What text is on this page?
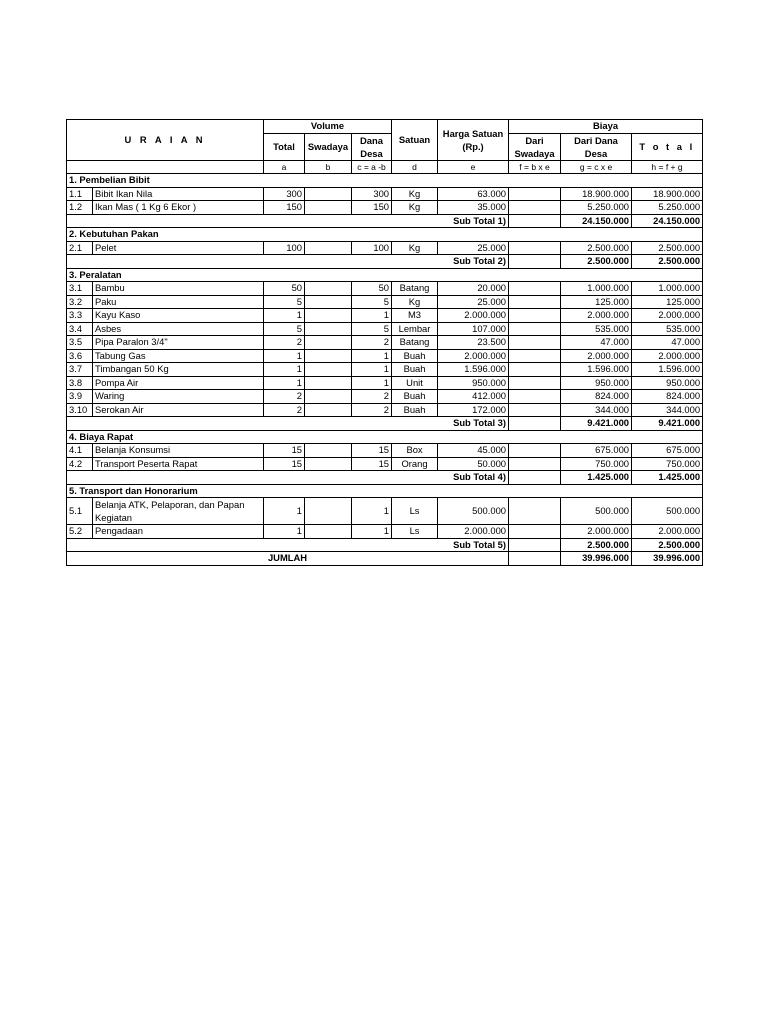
U R A I A N		Volume			Satuan	Harga Satuan (Rp.)	Biaya		
		Total	Swadaya	Dana Desa			Dari Swadaya	Dari Dana Desa	T o t a l

		a	b	c = a -b	d	e	f = b x e	g = c x e	h = f + g
1. Pembelian Bibit									
1.1	Bibit Ikan Nila	300		300	Kg	63.000		18.900.000	18.900.000
1.2	Ikan Mas ( 1 Kg 6 Ekor )	150		150	Kg	35.000		5.250.000	5.250.000
Sub Total 1)								24.150.000	24.150.000
2. Kebutuhan Pakan									
2.1	Pelet	100		100	Kg	25.000		2.500.000	2.500.000
Sub Total 2)								2.500.000	2.500.000
3. Peralatan									
3.1	Bambu	50		50	Batang	20.000		1.000.000	1.000.000
3.2	Paku	5		5	Kg	25.000		125.000	125.000
3.3	Kayu Kaso	1		1	M3	2.000.000		2.000.000	2.000.000
3.4	Asbes	5		5	Lembar	107.000		535.000	535.000
3.5	Pipa Paralon 3/4"	2		2	Batang	23.500		47.000	47.000
3.6	Tabung Gas	1		1	Buah	2.000.000		2.000.000	2.000.000
3.7	Timbangan 50 Kg	1		1	Buah	1.596.000		1.596.000	1.596.000
3.8	Pompa Air	1		1	Unit	950.000		950.000	950.000
3.9	Waring	2		2	Buah	412.000		824.000	824.000
3.10	Serokan Air	2		2	Buah	172.000		344.000	344.000
Sub Total 3)								9.421.000	9.421.000
4. Biaya Rapat									
4.1	Belanja Konsumsi	15		15	Box	45.000		675.000	675.000
4.2	Transport Peserta Rapat	15		15	Orang	50.000		750.000	750.000
Sub Total 4)								1.425.000	1.425.000
5. Transport dan Honorarium									
5.1	Belanja ATK, Pelaporan, dan Papan Kegiatan	1		1	Ls	500.000		500.000	500.000
5.2	Pengadaan	1		1	Ls	2.000.000		2.000.000	2.000.000
Sub Total 5)								2.500.000	2.500.000
JUMLAH								39.996.000	39.996.000
